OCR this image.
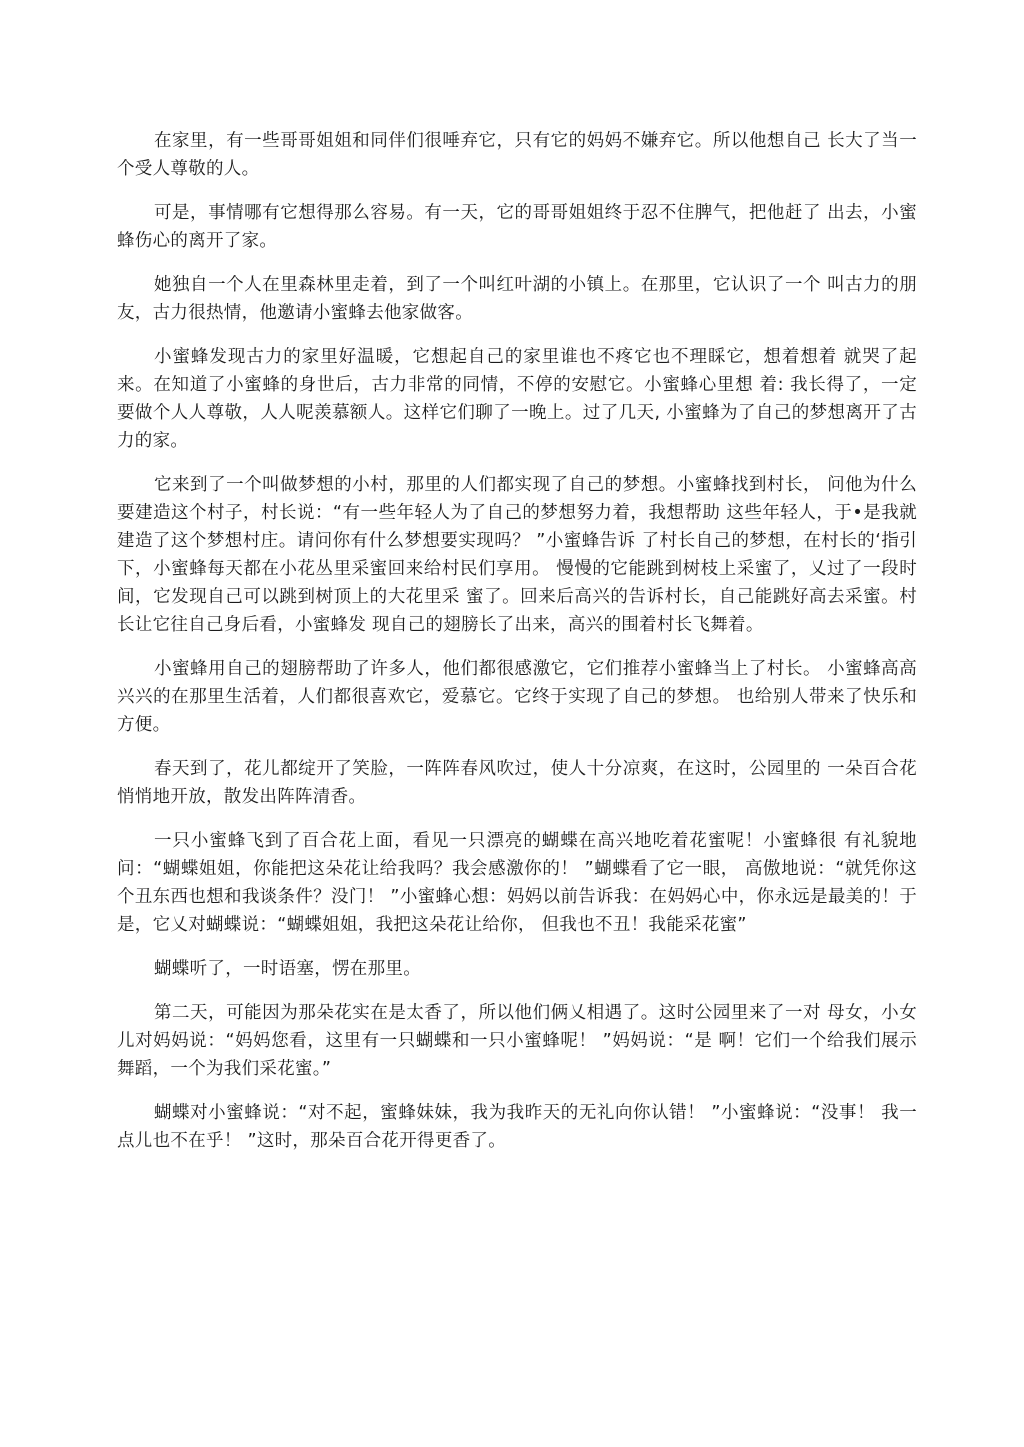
在家里，有一些哥哥姐姐和同伴们很唾弃它，只有它的妈妈不嫌弃它。所以他想自己 长大了当一个受人尊敬的人。

可是，事情哪有它想得那么容易。有一天，它的哥哥姐姐终于忍不住脾气，把他赶了 出去，小蜜蜂伤心的离开了家。

她独自一个人在里森林里走着，到了一个叫红叶湖的小镇上。在那里，它认识了一个 叫古力的朋友，古力很热情，他邀请小蜜蜂去他家做客。

小蜜蜂发现古力的家里好温暖，它想起自己的家里谁也不疼它也不理睬它，想着想着 就哭了起来。在知道了小蜜蜂的身世后，古力非常的同情，不停的安慰它。小蜜蜂心里想 着: 我长得了，一定要做个人人尊敬，人人呢羡慕额人。这样它们聊了一晚上。过了几天, 小蜜蜂为了自己的梦想离开了古力的家。

它来到了一个叫做梦想的小村，那里的人们都实现了自己的梦想。小蜜蜂找到村长， 问他为什么要建造这个村子，村长说：“有一些年轻人为了自己的梦想努力着，我想帮助 这些年轻人，于•是我就建造了这个梦想村庄。请问你有什么梦想要实现吗？ ”小蜜蜂告诉 了村长自己的梦想，在村长的‘指引下，小蜜蜂每天都在小花丛里采蜜回来给村民们享用。 慢慢的它能跳到树枝上采蜜了，乂过了一段时间，它发现自己可以跳到树顶上的大花里采 蜜了。回来后高兴的告诉村长，自己能跳好高去采蜜。村长让它往自己身后看，小蜜蜂发 现自己的翅膀长了出来，高兴的围着村长飞舞着。

小蜜蜂用自己的翅膀帮助了许多人，他们都很感激它，它们推荐小蜜蜂当上了村长。 小蜜蜂高高兴兴的在那里生活着，人们都很喜欢它，爱慕它。它终于实现了自己的梦想。 也给别人带来了快乐和方便。

春天到了，花儿都绽开了笑脸，一阵阵春风吹过，使人十分凉爽，在这时，公园里的 一朵百合花悄悄地开放，散发出阵阵清香。

一只小蜜蜂飞到了百合花上面，看见一只漂亮的蝴蝶在高兴地吃着花蜜呢！小蜜蜂很 有礼貌地问：“蝴蝶姐姐，你能把这朵花让给我吗？我会感激你的！ ”蝴蝶看了它一眼， 高傲地说：“就凭你这个丑东西也想和我谈条件？没门！ ”小蜜蜂心想：妈妈以前告诉我：在妈妈心中，你永远是最美的！于是，它乂对蝴蝶说：“蝴蝶姐姐，我把这朵花让给你， 但我也不丑！我能采花蜜”

蝴蝶听了，一时语塞，愣在那里。

第二天，可能因为那朵花实在是太香了，所以他们俩乂相遇了。这时公园里来了一对 母女，小女儿对妈妈说：“妈妈您看，这里有一只蝴蝶和一只小蜜蜂呢！ ”妈妈说：“是 啊！它们一个给我们展示舞蹈，一个为我们采花蜜。”

蝴蝶对小蜜蜂说：“对不起，蜜蜂妹妹，我为我昨天的无礼向你认错！ ”小蜜蜂说：“没事！ 我一点儿也不在乎！ ”这时，那朵百合花开得更香了。
